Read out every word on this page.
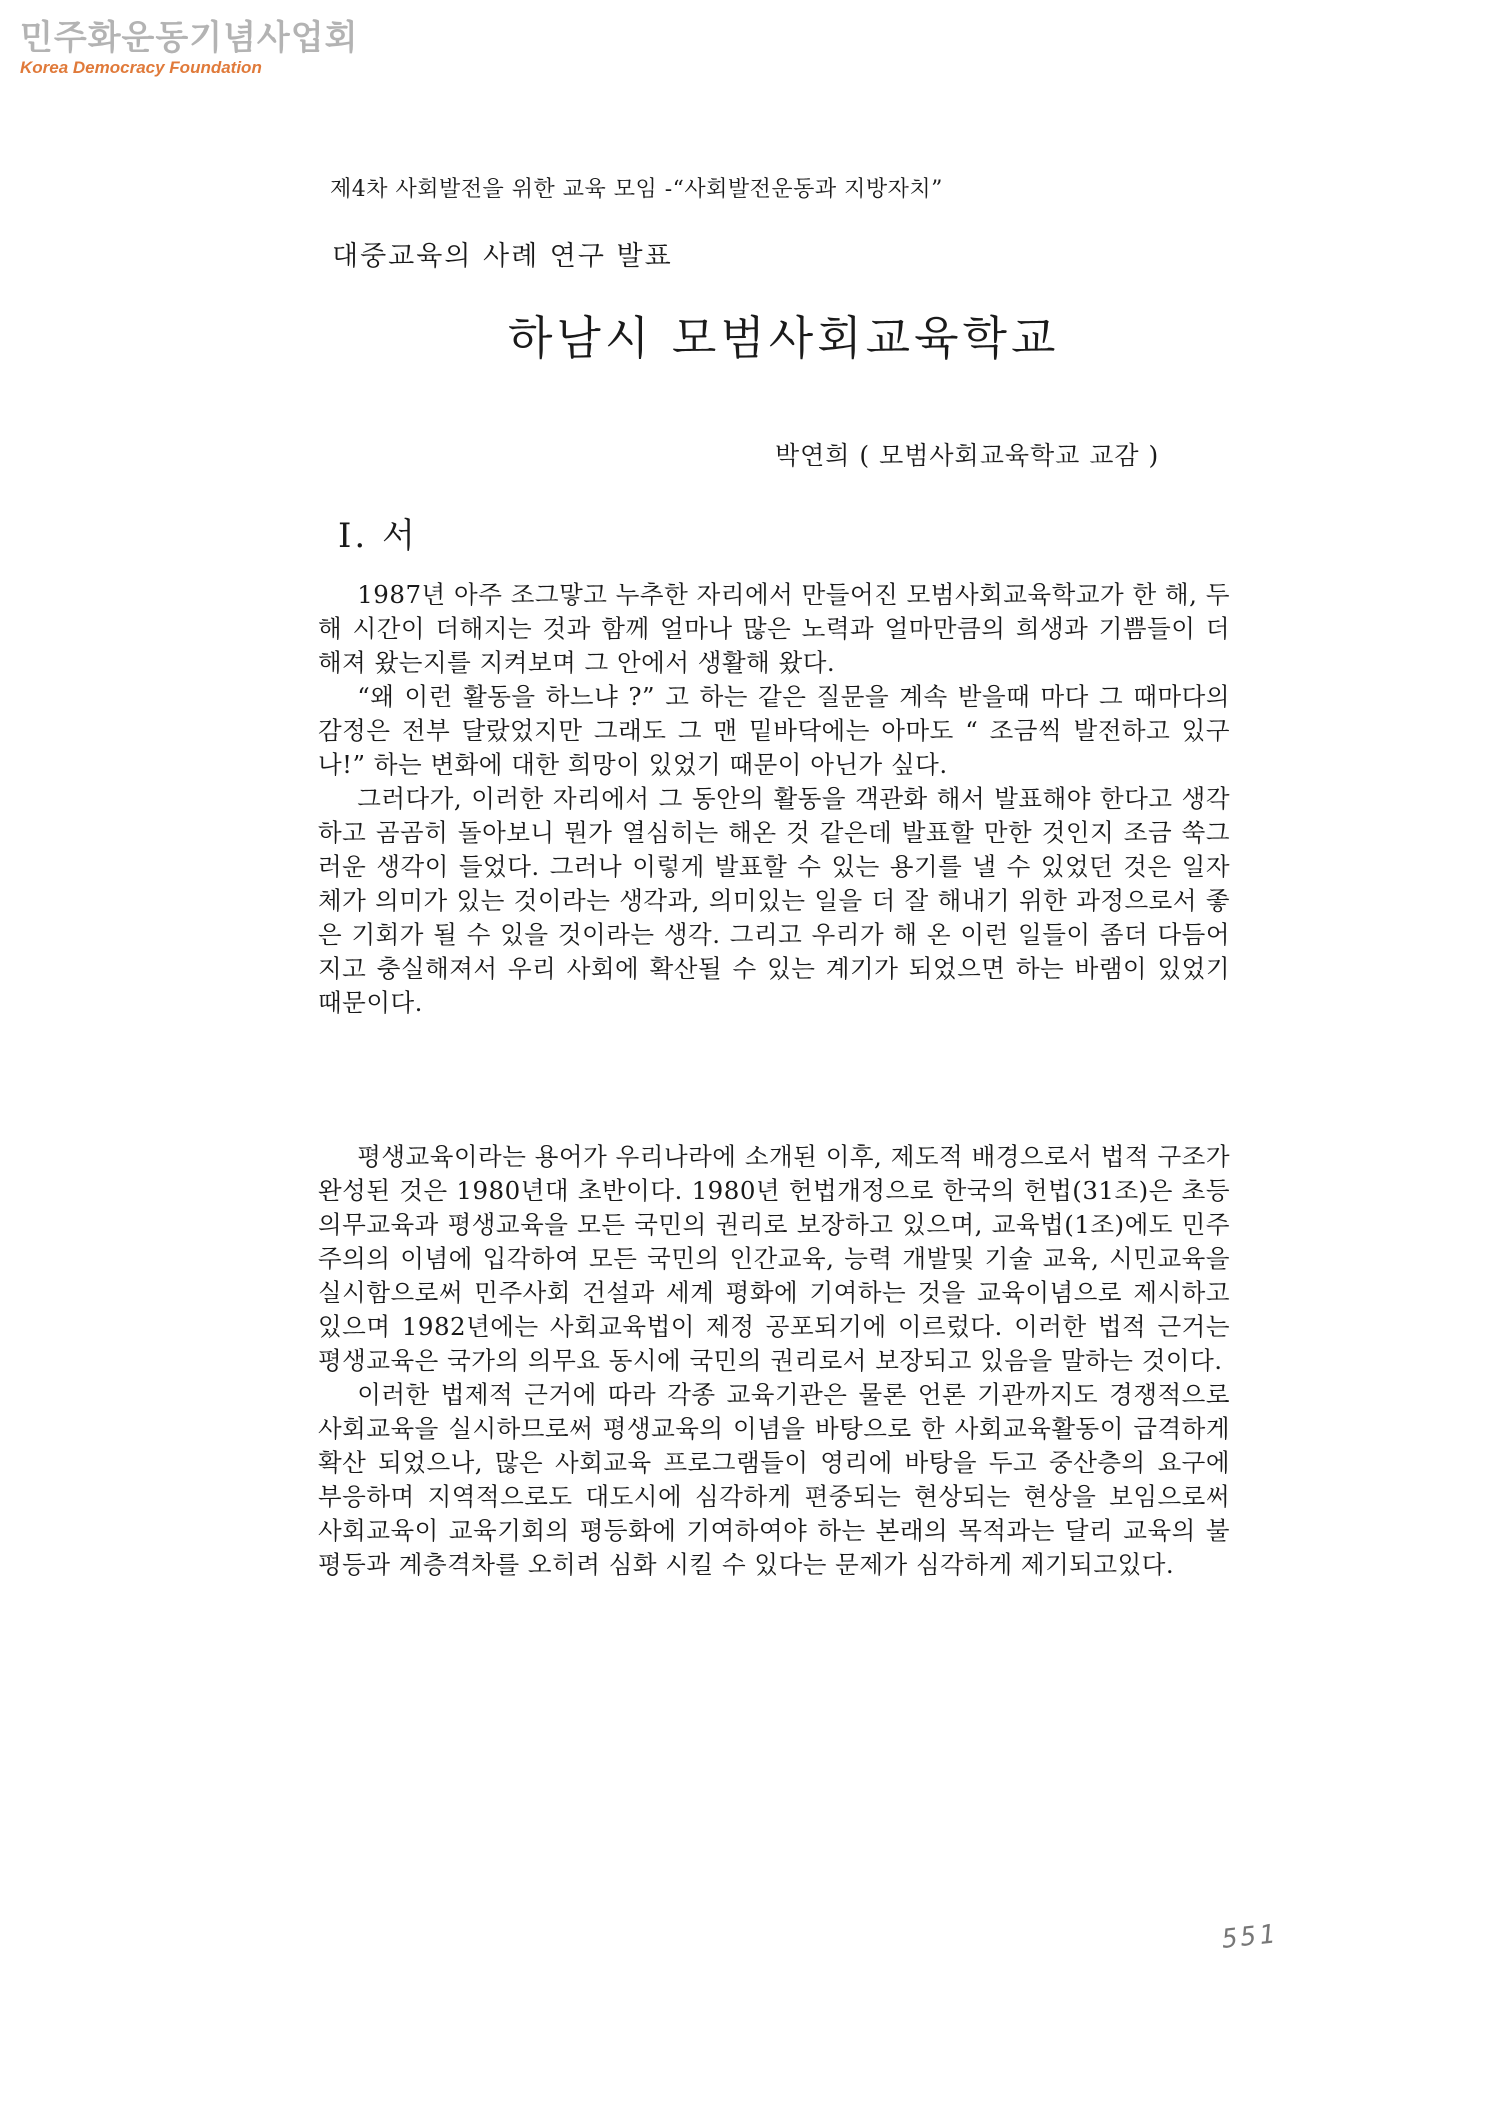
민주화운동기념사업회
Korea Democracy Foundation
제4차 사회발전을 위한 교육 모임 -“사회발전운동과 지방자치”
대중교육의 사례 연구 발표
하남시 모범사회교육학교
박연희 ( 모범사회교육학교 교감 )
Ⅰ. 서

1987년 아주 조그맣고 누추한 자리에서 만들어진 모범사회교육학교가 한 해, 두 해 시간이 더해지는 것과 함께 얼마나 많은 노력과 얼마만큼의 희생과 기쁨들이 더해져 왔는지를 지켜보며 그 안에서 생활해 왔다.

“왜 이런 활동을 하느냐 ?” 고 하는 같은 질문을 계속 받을때 마다 그 때마다의 감정은 전부 달랐었지만 그래도 그 맨 밑바닥에는 아마도 “ 조금씩 발전하고 있구나!” 하는 변화에 대한 희망이 있었기 때문이 아닌가 싶다.

그러다가, 이러한 자리에서 그 동안의 활동을 객관화 해서 발표해야 한다고 생각하고 곰곰히 돌아보니 뭔가 열심히는 해온 것 같은데 발표할 만한 것인지 조금 쑥그러운 생각이 들었다. 그러나 이렇게 발표할 수 있는 용기를 낼 수 있었던 것은 일자체가 의미가 있는 것이라는 생각과, 의미있는 일을 더 잘 해내기 위한 과정으로서 좋은 기회가 될 수 있을 것이라는 생각. 그리고 우리가 해 온 이런 일들이 좀더 다듬어지고 충실해져서 우리 사회에 확산될 수 있는 계기가 되었으면 하는 바램이 있었기 때문이다.

평생교육이라는 용어가 우리나라에 소개된 이후, 제도적 배경으로서 법적 구조가 완성된 것은 1980년대 초반이다. 1980년 헌법개정으로 한국의 헌법(31조)은 초등의무교육과 평생교육을 모든 국민의 권리로 보장하고 있으며, 교육법(1조)에도 민주주의의 이념에 입각하여 모든 국민의 인간교육, 능력 개발및 기술 교육, 시민교육을 실시함으로써 민주사회 건설과 세계 평화에 기여하는 것을 교육이념으로 제시하고 있으며 1982년에는 사회교육법이 제정 공포되기에 이르렀다. 이러한 법적 근거는 평생교육은 국가의 의무요 동시에 국민의 권리로서 보장되고 있음을 말하는 것이다.

이러한 법제적 근거에 따라 각종 교육기관은 물론 언론 기관까지도 경쟁적으로 사회교육을 실시하므로써 평생교육의 이념을 바탕으로 한 사회교육활동이 급격하게 확산 되었으나, 많은 사회교육 프로그램들이 영리에 바탕을 두고 중산층의 요구에 부응하며 지역적으로도 대도시에 심각하게 편중되는 현상되는 현상을 보임으로써 사회교육이 교육기회의 평등화에 기여하여야 하는 본래의 목적과는 달리 교육의 불평등과 계층격차를 오히려 심화 시킬 수 있다는 문제가 심각하게 제기되고있다.

551
